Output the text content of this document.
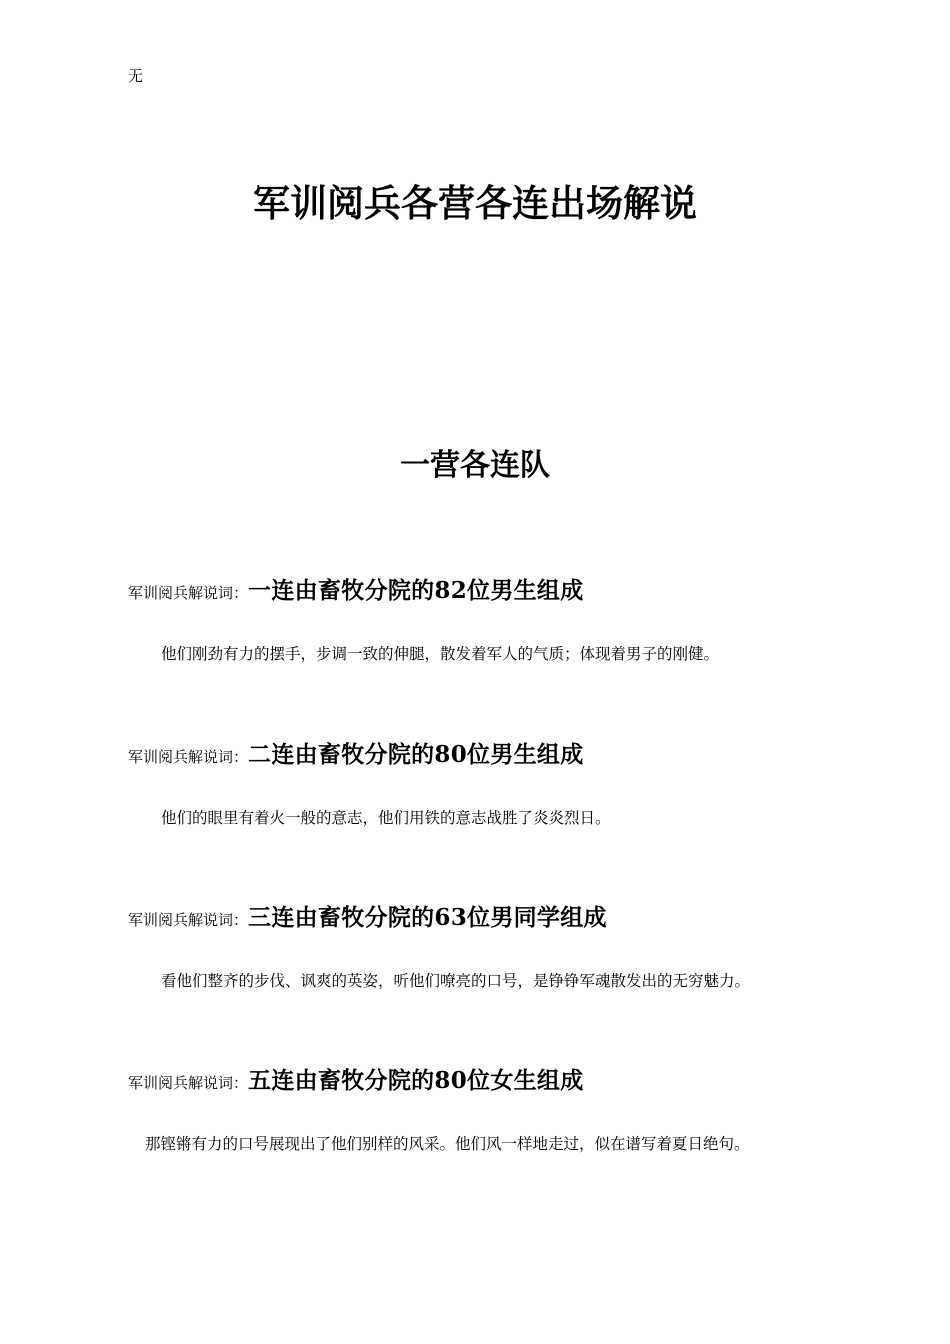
无
军训阅兵各营各连出场解说
一营各连队
军训阅兵解说词：一连由畜牧分院的82位男生组成
他们刚劲有力的摆手，步调一致的伸腿，散发着军人的气质；体现着男子的刚健。
军训阅兵解说词：二连由畜牧分院的80位男生组成
他们的眼里有着火一般的意志，他们用铁的意志战胜了炎炎烈日。
军训阅兵解说词：三连由畜牧分院的63位男同学组成
看他们整齐的步伐、讽爽的英姿，听他们嘹亮的口号，是铮铮军魂散发出的无穷魅力。
军训阅兵解说词：五连由畜牧分院的80位女生组成
那铿锵有力的口号展现出了他们别样的风采。他们风一样地走过，似在谱写着夏日绝句。
